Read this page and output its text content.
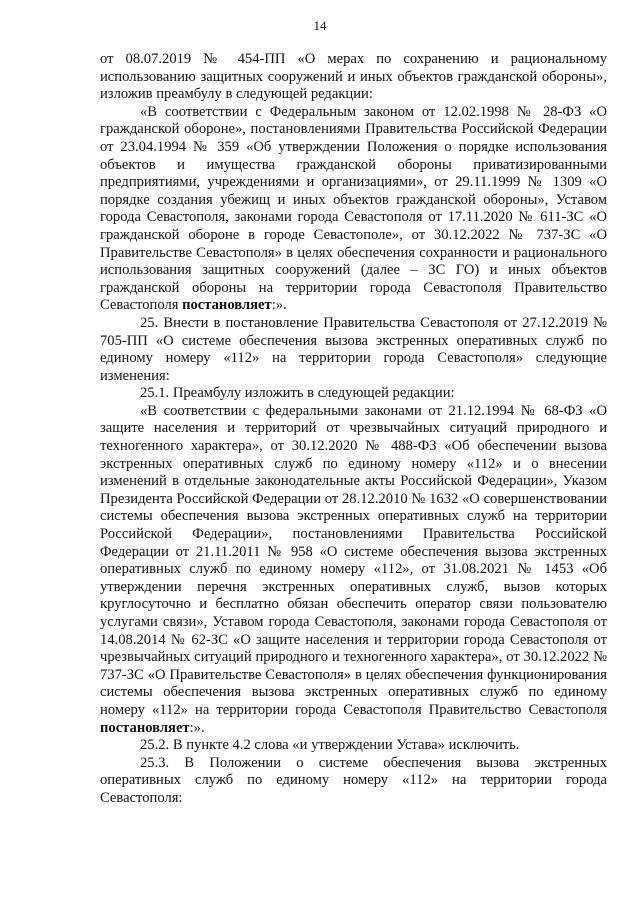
14

от 08.07.2019 № 454-ПП «О мерах по сохранению и рациональному использованию защитных сооружений и иных объектов гражданской обороны», изложив преамбулу в следующей редакции:

«В соответствии с Федеральным законом от 12.02.1998 № 28-ФЗ «О гражданской обороне», постановлениями Правительства Российской Федерации от 23.04.1994 № 359 «Об утверждении Положения о порядке использования объектов и имущества гражданской обороны приватизированными предприятиями, учреждениями и организациями», от 29.11.1999 № 1309 «О порядке создания убежищ и иных объектов гражданской обороны», Уставом города Севастополя, законами города Севастополя от 17.11.2020 № 611-ЗС «О гражданской обороне в городе Севастополе», от 30.12.2022 № 737-ЗС «О Правительстве Севастополя» в целях обеспечения сохранности и рационального использования защитных сооружений (далее – ЗС ГО) и иных объектов гражданской обороны на территории города Севастополя Правительство Севастополя постановляет:».

25. Внести в постановление Правительства Севастополя от 27.12.2019 № 705-ПП «О системе обеспечения вызова экстренных оперативных служб по единому номеру «112» на территории города Севастополя» следующие изменения:

25.1. Преамбулу изложить в следующей редакции:

«В соответствии с федеральными законами от 21.12.1994 № 68-ФЗ «О защите населения и территорий от чрезвычайных ситуаций природного и техногенного характера», от 30.12.2020 № 488-ФЗ «Об обеспечении вызова экстренных оперативных служб по единому номеру «112» и о внесении изменений в отдельные законодательные акты Российской Федерации», Указом Президента Российской Федерации от 28.12.2010 № 1632 «О совершенствовании системы обеспечения вызова экстренных оперативных служб на территории Российской Федерации», постановлениями Правительства Российской Федерации от 21.11.2011 № 958 «О системе обеспечения вызова экстренных оперативных служб по единому номеру «112», от 31.08.2021 № 1453 «Об утверждении перечня экстренных оперативных служб, вызов которых круглосуточно и бесплатно обязан обеспечить оператор связи пользователю услугами связи», Уставом города Севастополя, законами города Севастополя от 14.08.2014 № 62-ЗС «О защите населения и территории города Севастополя от чрезвычайных ситуаций природного и техногенного характера», от 30.12.2022 № 737-ЗС «О Правительстве Севастополя» в целях обеспечения функционирования системы обеспечения вызова экстренных оперативных служб по единому номеру «112» на территории города Севастополя Правительство Севастополя постановляет:».

25.2. В пункте 4.2 слова «и утверждении Устава» исключить.

25.3. В Положении о системе обеспечения вызова экстренных оперативных служб по единому номеру «112» на территории города Севастополя:
